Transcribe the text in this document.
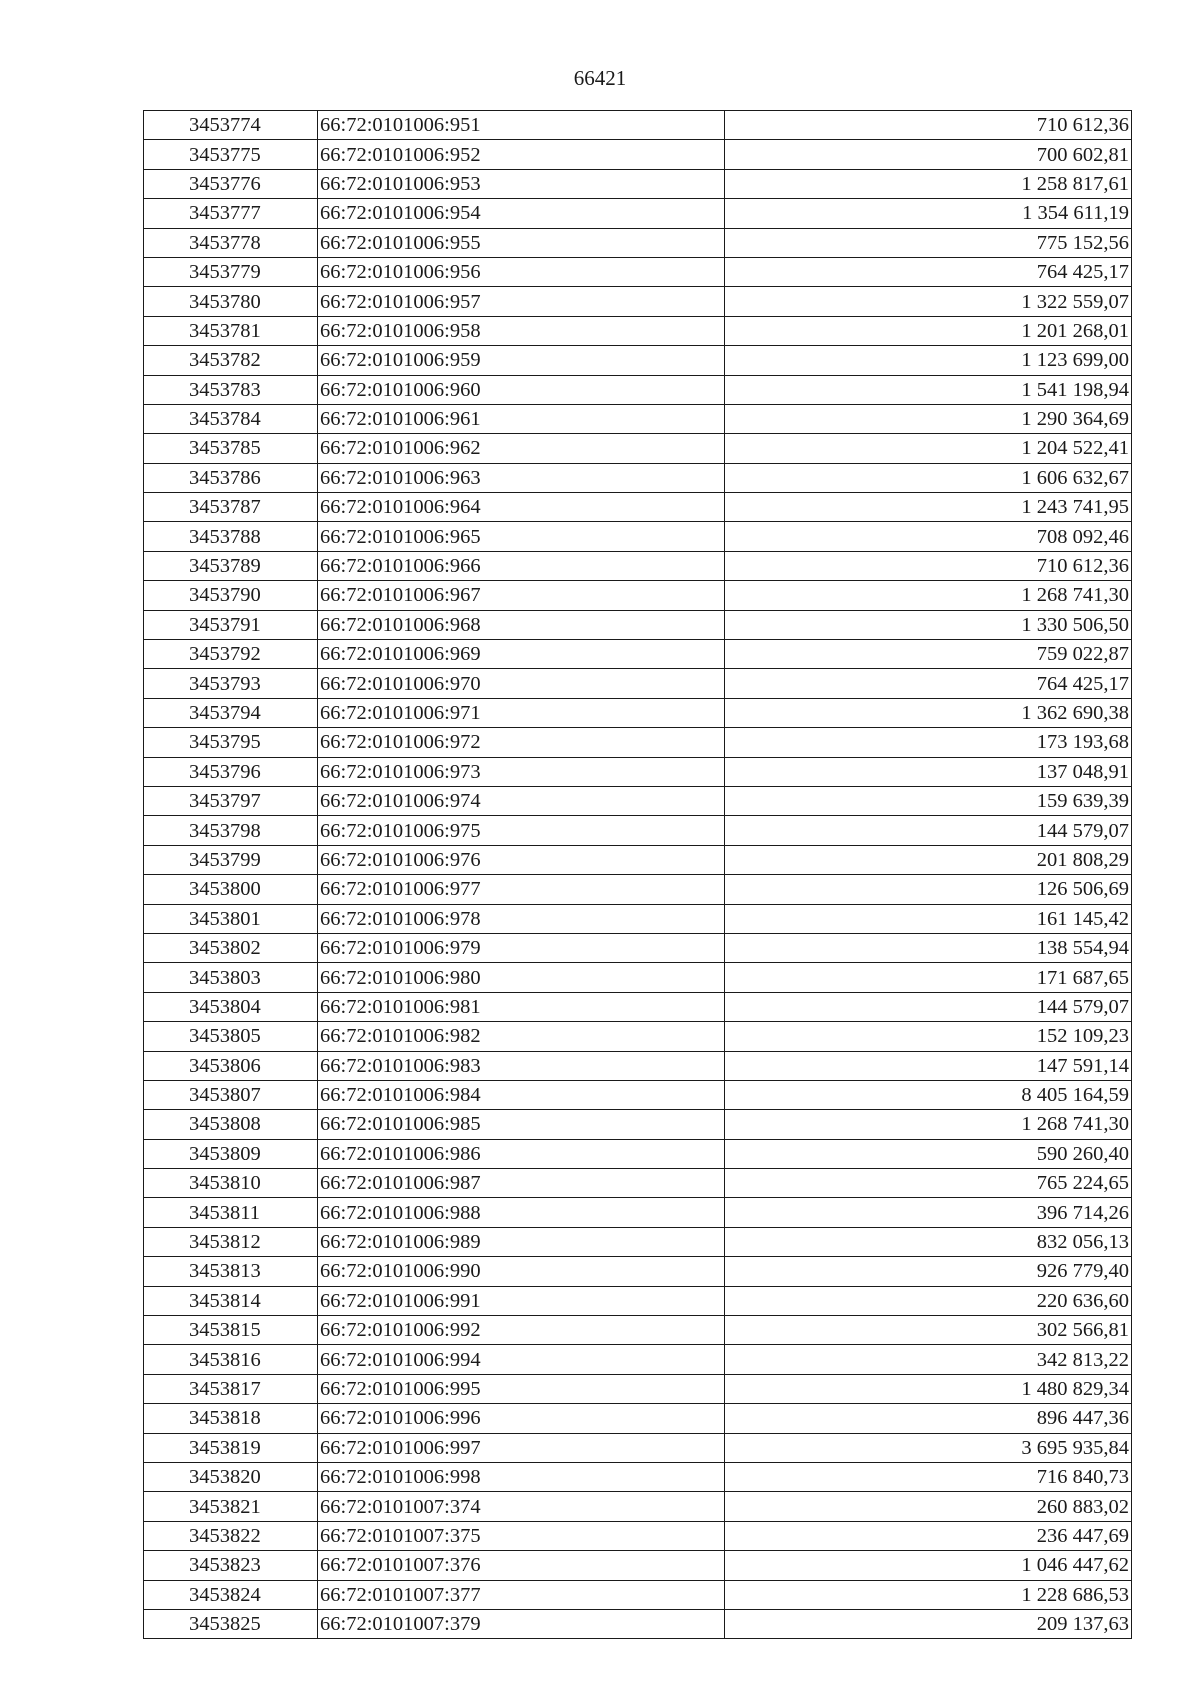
66421
3453774	66:72:0101006:951	710 612,36
3453775	66:72:0101006:952	700 602,81
3453776	66:72:0101006:953	1 258 817,61
3453777	66:72:0101006:954	1 354 611,19
3453778	66:72:0101006:955	775 152,56
3453779	66:72:0101006:956	764 425,17
3453780	66:72:0101006:957	1 322 559,07
3453781	66:72:0101006:958	1 201 268,01
3453782	66:72:0101006:959	1 123 699,00
3453783	66:72:0101006:960	1 541 198,94
3453784	66:72:0101006:961	1 290 364,69
3453785	66:72:0101006:962	1 204 522,41
3453786	66:72:0101006:963	1 606 632,67
3453787	66:72:0101006:964	1 243 741,95
3453788	66:72:0101006:965	708 092,46
3453789	66:72:0101006:966	710 612,36
3453790	66:72:0101006:967	1 268 741,30
3453791	66:72:0101006:968	1 330 506,50
3453792	66:72:0101006:969	759 022,87
3453793	66:72:0101006:970	764 425,17
3453794	66:72:0101006:971	1 362 690,38
3453795	66:72:0101006:972	173 193,68
3453796	66:72:0101006:973	137 048,91
3453797	66:72:0101006:974	159 639,39
3453798	66:72:0101006:975	144 579,07
3453799	66:72:0101006:976	201 808,29
3453800	66:72:0101006:977	126 506,69
3453801	66:72:0101006:978	161 145,42
3453802	66:72:0101006:979	138 554,94
3453803	66:72:0101006:980	171 687,65
3453804	66:72:0101006:981	144 579,07
3453805	66:72:0101006:982	152 109,23
3453806	66:72:0101006:983	147 591,14
3453807	66:72:0101006:984	8 405 164,59
3453808	66:72:0101006:985	1 268 741,30
3453809	66:72:0101006:986	590 260,40
3453810	66:72:0101006:987	765 224,65
3453811	66:72:0101006:988	396 714,26
3453812	66:72:0101006:989	832 056,13
3453813	66:72:0101006:990	926 779,40
3453814	66:72:0101006:991	220 636,60
3453815	66:72:0101006:992	302 566,81
3453816	66:72:0101006:994	342 813,22
3453817	66:72:0101006:995	1 480 829,34
3453818	66:72:0101006:996	896 447,36
3453819	66:72:0101006:997	3 695 935,84
3453820	66:72:0101006:998	716 840,73
3453821	66:72:0101007:374	260 883,02
3453822	66:72:0101007:375	236 447,69
3453823	66:72:0101007:376	1 046 447,62
3453824	66:72:0101007:377	1 228 686,53
3453825	66:72:0101007:379	209 137,63
